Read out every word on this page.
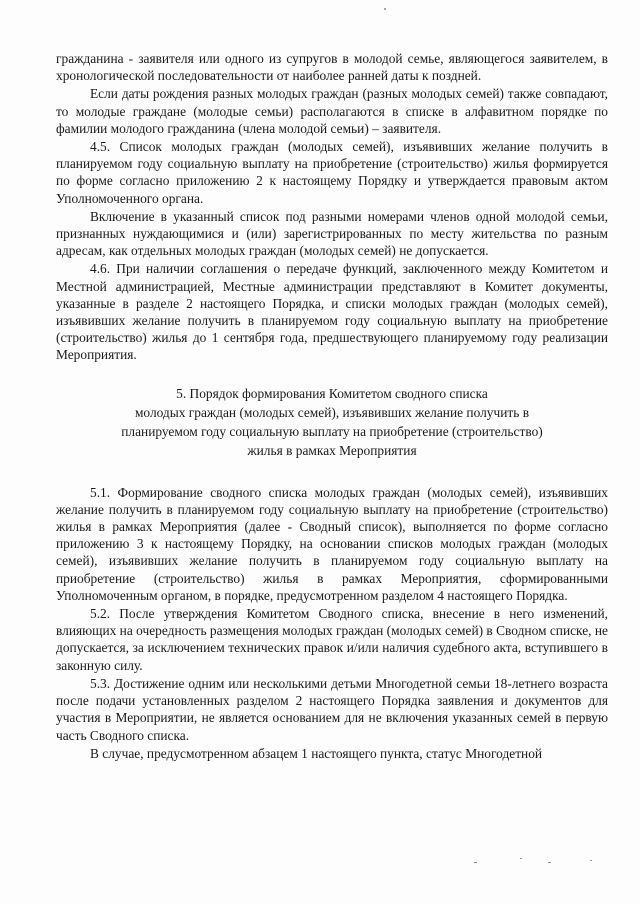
гражданина - заявителя или одного из супругов в молодой семье, являющегося заявителем, в хронологической последовательности от наиболее ранней даты к поздней.

Если даты рождения разных молодых граждан (разных молодых семей) также совпадают, то молодые граждане (молодые семьи) располагаются в списке в алфавитном порядке по фамилии молодого гражданина (члена молодой семьи) – заявителя.

4.5. Список молодых граждан (молодых семей), изъявивших желание получить в планируемом году социальную выплату на приобретение (строительство) жилья формируется по форме согласно приложению 2 к настоящему Порядку и утверждается правовым актом Уполномоченного органа.

Включение в указанный список под разными номерами членов одной молодой семьи, признанных нуждающимися и (или) зарегистрированных по месту жительства по разным адресам, как отдельных молодых граждан (молодых семей) не допускается.

4.6. При наличии соглашения о передаче функций, заключенного между Комитетом и Местной администрацией, Местные администрации представляют в Комитет документы, указанные в разделе 2 настоящего Порядка, и списки молодых граждан (молодых семей), изъявивших желание получить в планируемом году социальную выплату на приобретение (строительство) жилья до 1 сентября года, предшествующего планируемому году реализации Мероприятия.

5. Порядок формирования Комитетом сводного списка
молодых граждан (молодых семей), изъявивших желание получить в
планируемом году социальную выплату на приобретение (строительство)
жилья в рамках Мероприятия

5.1. Формирование сводного списка молодых граждан (молодых семей), изъявивших желание получить в планируемом году социальную выплату на приобретение (строительство) жилья в рамках Мероприятия (далее - Сводный список), выполняется по форме согласно приложению 3 к настоящему Порядку, на основании списков молодых граждан (молодых семей), изъявивших желание получить в планируемом году социальную выплату на приобретение (строительство) жилья в рамках Мероприятия, сформированными Уполномоченным органом, в порядке, предусмотренном разделом 4 настоящего Порядка.

5.2. После утверждения Комитетом Сводного списка, внесение в него изменений, влияющих на очередность размещения молодых граждан (молодых семей) в Сводном списке, не допускается, за исключением технических правок и/или наличия судебного акта, вступившего в законную силу.

5.3. Достижение одним или несколькими детьми Многодетной семьи 18-летнего возраста после подачи установленных разделом 2 настоящего Порядка заявления и документов для участия в Мероприятии, не является основанием для не включения указанных семей в первую часть Сводного списка.

В случае, предусмотренном абзацем 1 настоящего пункта, статус Многодетной
